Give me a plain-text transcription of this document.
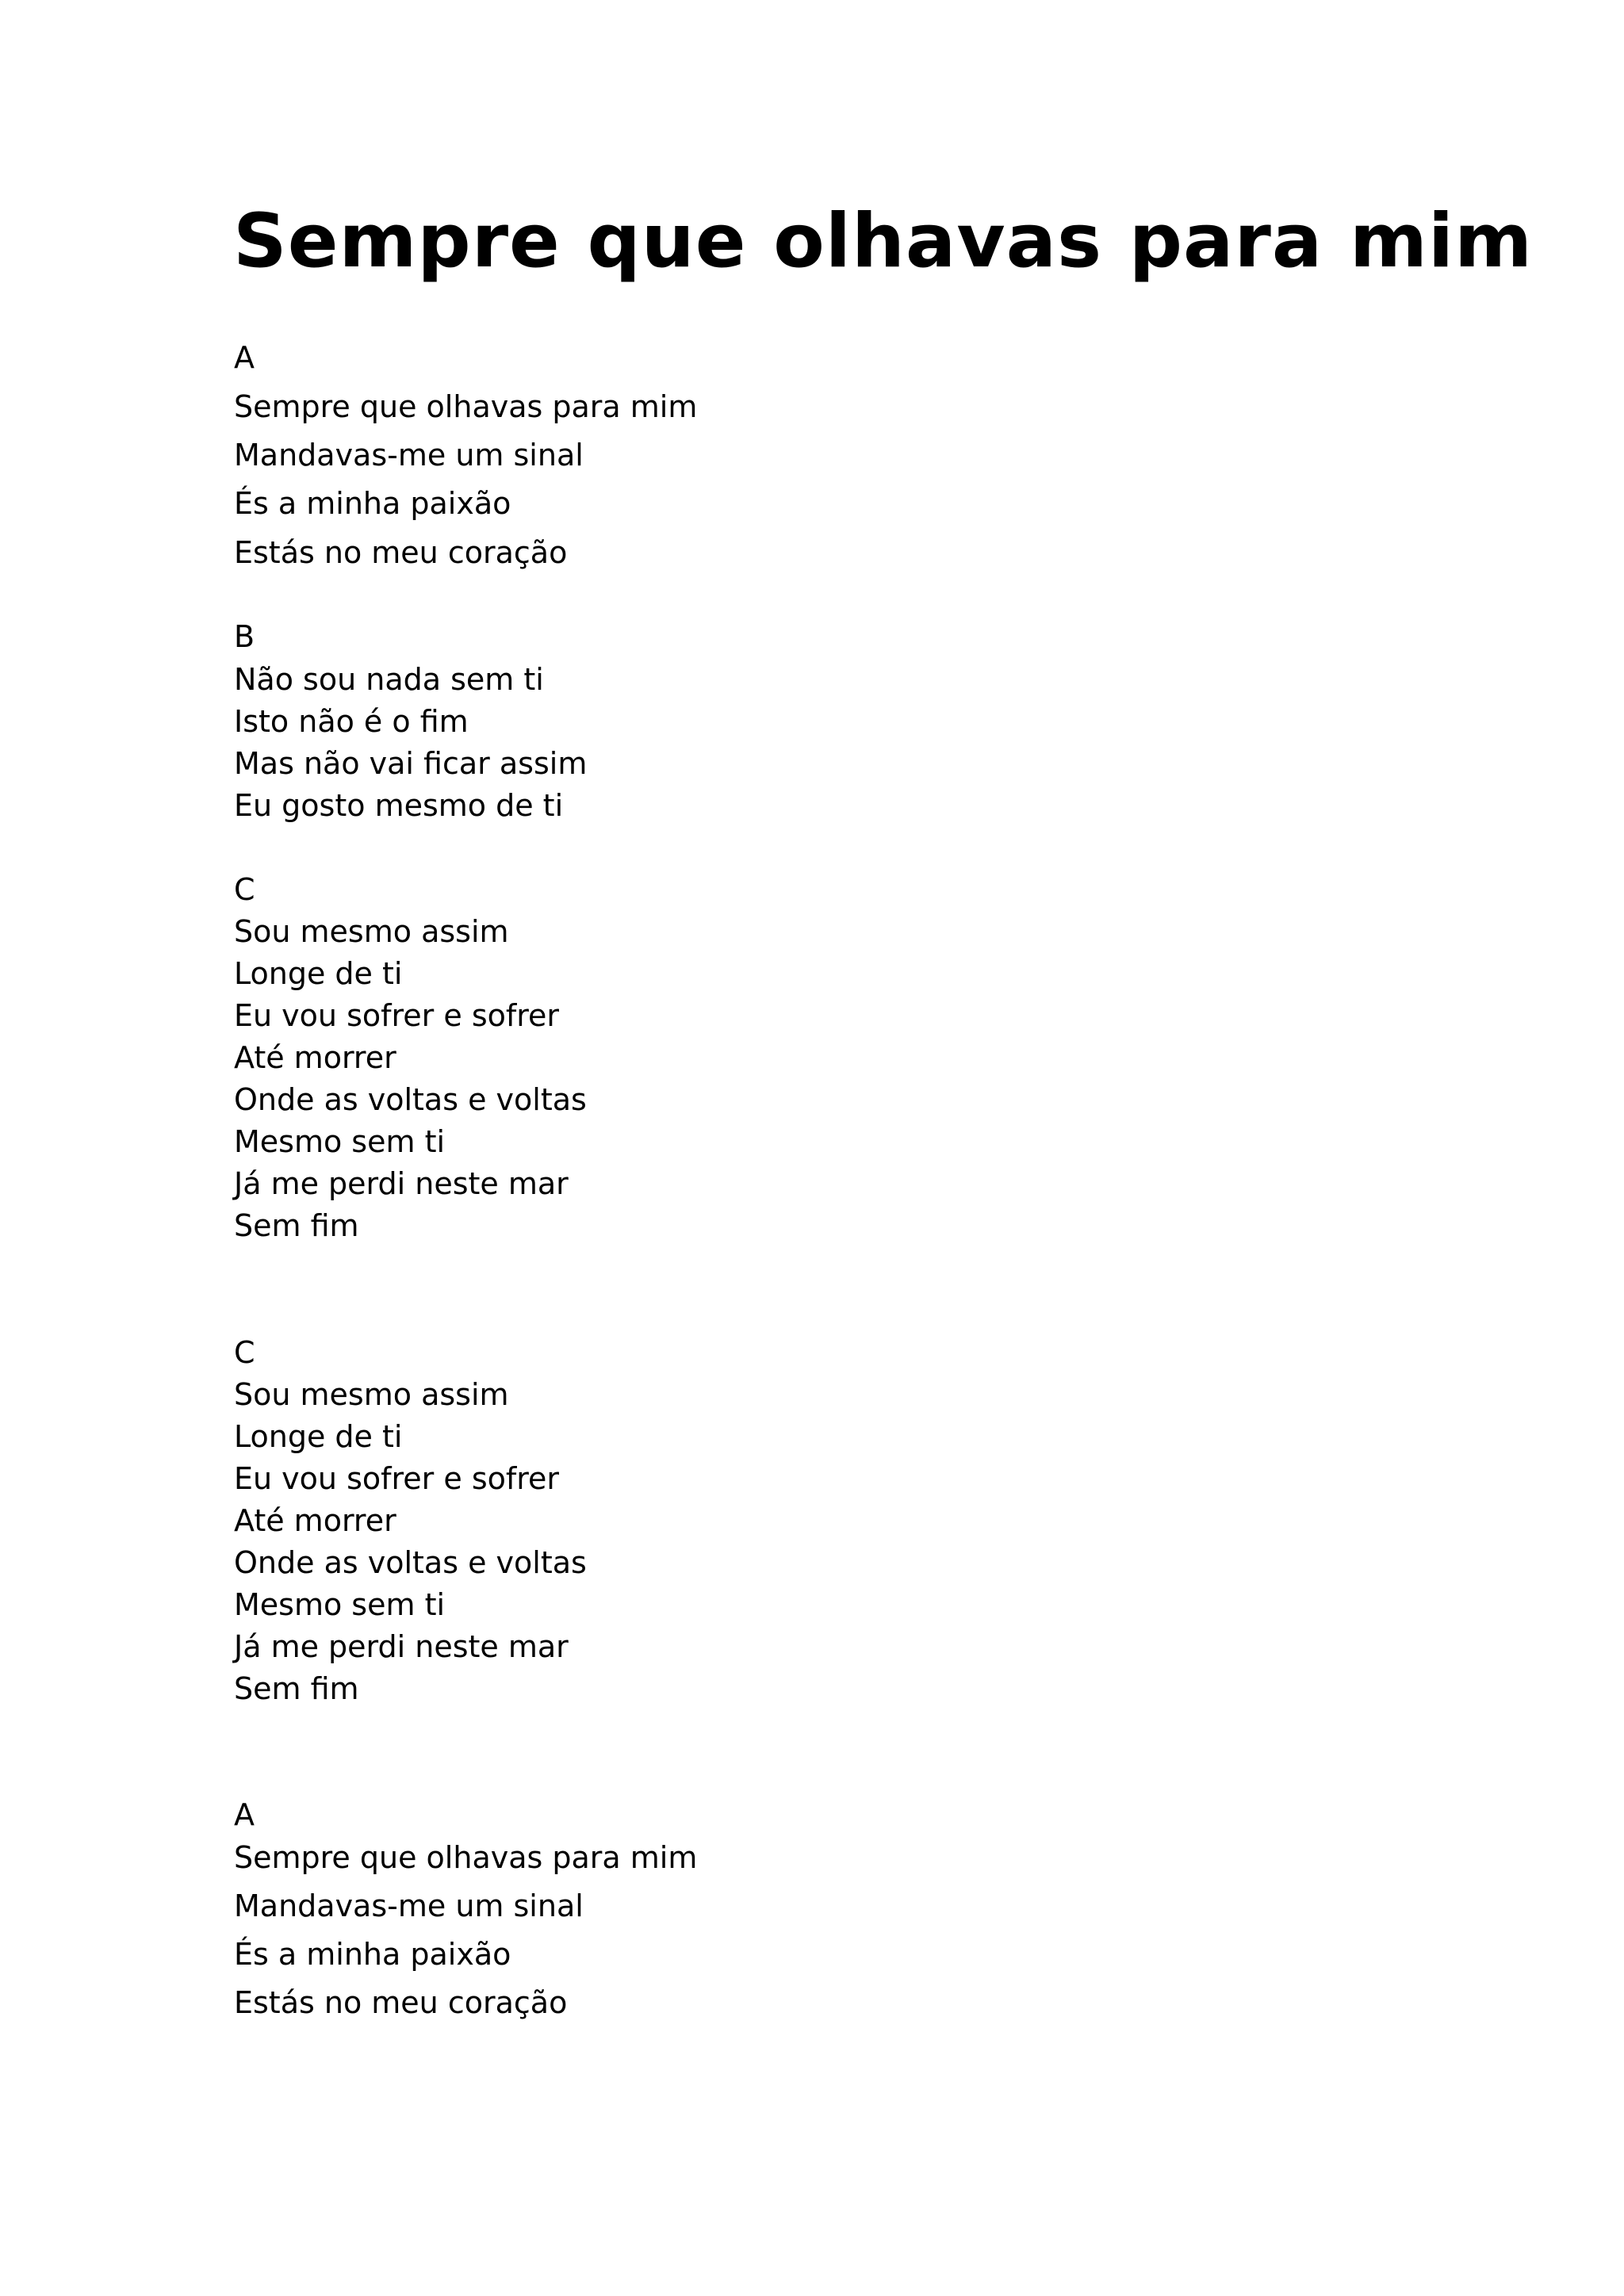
Sempre que olhavas para mim
A
Sempre que olhavas para mim
Mandavas-me um sinal
És a minha paixão
Estás no meu coração
B
Não sou nada sem ti
Isto não é o fim
Mas não vai ficar assim
Eu gosto mesmo de ti
C
Sou mesmo assim
Longe de ti
Eu vou sofrer e sofrer
Até morrer
Onde as voltas e voltas
Mesmo sem ti
Já me perdi neste mar
Sem fim
C
Sou mesmo assim
Longe de ti
Eu vou sofrer e sofrer
Até morrer
Onde as voltas e voltas
Mesmo sem ti
Já me perdi neste mar
Sem fim
A
Sempre que olhavas para mim
Mandavas-me um sinal
És a minha paixão
Estás no meu coração
